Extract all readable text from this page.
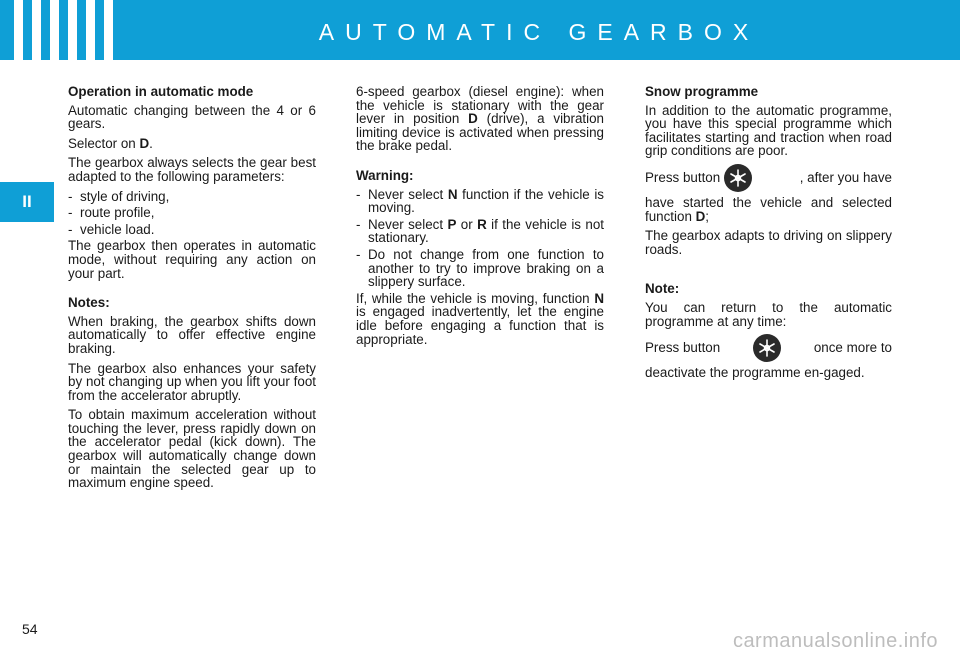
AUTOMATIC GEARBOX
II

Operation in automatic mode

Automatic changing between the 4 or 6 gears.

Selector on D.

The gearbox always selects the gear best adapted to the following parameters:

- style of driving,
- route profile,
- vehicle load.

The gearbox then operates in automatic mode, without requiring any action on your part.

Notes:

When braking, the gearbox shifts down automatically to offer effective engine braking.

The gearbox also enhances your safety by not changing up when you lift your foot from the accelerator abruptly.

To obtain maximum acceleration without touching the lever, press rapidly down on the accelerator pedal (kick down). The gearbox will automatically change down or maintain the selected gear up to maximum engine speed.

6-speed gearbox (diesel engine): when the vehicle is stationary with the gear lever in position D (drive), a vibration limiting device is activated when pressing the brake pedal.

Warning:

- Never select N function if the vehicle is moving.
- Never select P or R if the vehicle is not stationary.
- Do not change from one function to another to try to improve braking on a slippery surface.

If, while the vehicle is moving, function N is engaged inadvertently, let the engine idle before engaging a function that is appropriate.

Snow programme

In addition to the automatic programme, you have this special programme which facilitates starting and traction when road grip conditions are poor.

Press button	, after you have

have started the vehicle and selected function D;

The gearbox adapts to driving on slippery roads.

Note:

You can return to the automatic programme at any time:

Press button	once more to

deactivate the programme en-gaged.

54
carmanualsonline.info
